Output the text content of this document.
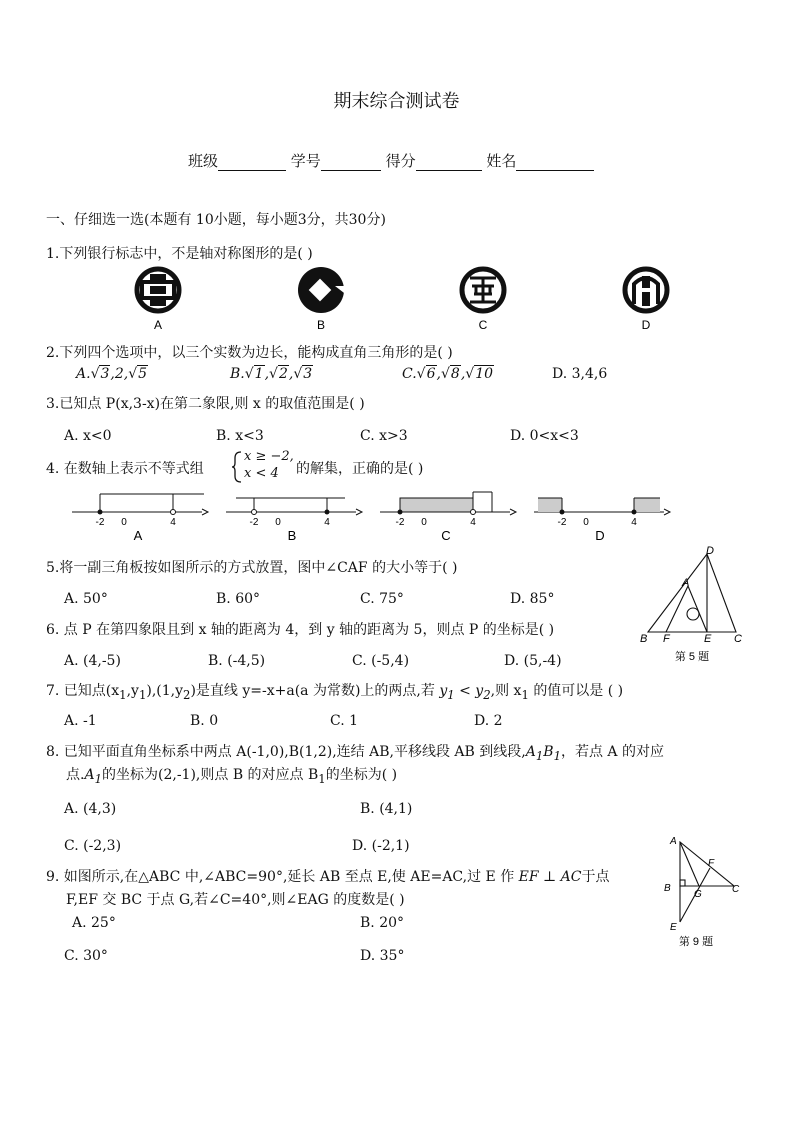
期末综合测试卷
班级	学号	得分	姓名
一、仔细选一选(本题有 10小题，每小题3分，共30分)
1.下列银行标志中，不是轴对称图形的是( )
A	B	C	D
2.下列四个选项中，以三个实数为边长，能构成直角三角形的是( )
A.√3,2,√5	B.√1,√2,√3	C.√6,√8,√10	D. 3,4,6
3.已知点 P(x,3-x)在第二象限,则 x 的取值范围是( )
A. x<0	B. x<3	C. x>3	D. 0<x<3
4. 在数轴上表示不等式组
x ≥ −2,
x < 4 的解集，正确的是( )
-2 0	4
A
-2 0	4
B
-2 0	4
C
-2 0	4
D
5.将一副三角板按如图所示的方式放置，图中∠CAF 的大小等于( )
A. 50°	B. 60°	C. 75°	D. 85°
D
A
B F	E C
第 5 题
6. 点 P 在第四象限且到 x 轴的距离为 4，到 y 轴的距离为 5，则点 P 的坐标是( )
A. (4,-5)	B. (-4,5)	C. (-5,4)	D. (5,-4)
7. 已知点$(x_1,y_1),(1,y_2)$是直线 y=-x+a(a 为常数)上的两点,若 $y_1 < y_2$,则 $x_1$ 的值可以是 ( )
A. -1	B. 0	C. 1	D. 2
8. 已知平面直角坐标系中两点 A(-1,0),B(1,2),连结 AB,平移线段 AB 到线段$,A_1B_1$，若点 A 的对应
点$.A_1$的坐标为(2,-1),则点 B 的对应点 $B_1$的坐标为( )
A. (4,3)	B. (4,1)
C. (-2,3)	D. (-2,1)
9. 如图所示,在△ABC 中,∠ABC=90°,延长 AB 至点 E,使 AE=AC,过 E 作 EF ⊥ AC于点
F,EF 交 BC 于点 G,若∠C=40°,则∠EAG 的度数是( )
A. 25°	B. 20°
C. 30°	D. 35°
A
F
B
G	C
E
第 9 题
